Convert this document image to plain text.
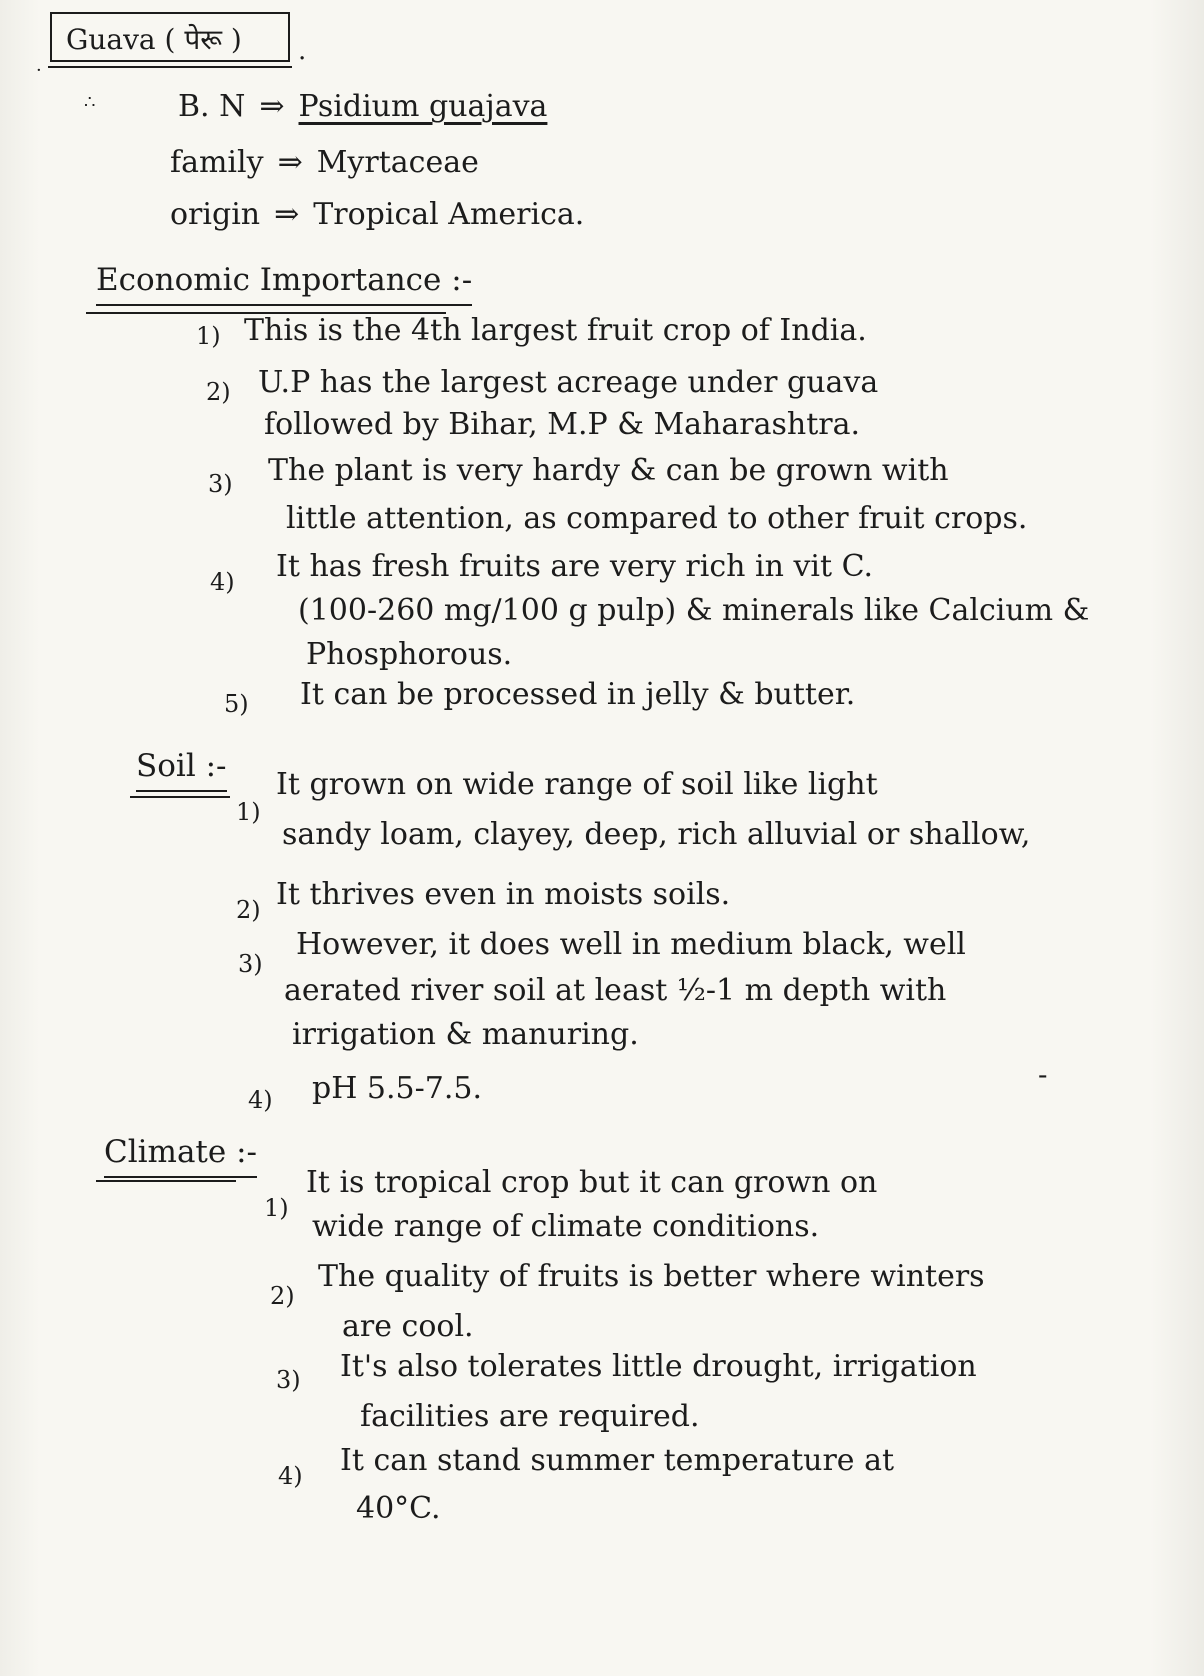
Guava ( पेरू ) .
·
∴	B. N ⇒ Psidium guajava
family ⇒ Myrtaceae
origin ⇒ Tropical America.
Economic Importance :-
1) This is the 4th largest fruit crop of India.
2) U.P has the largest acreage under guava
followed by Bihar, M.P & Maharashtra.
3) The plant is very hardy & can be grown with
little attention, as compared to other fruit crops.
4) It has fresh fruits are very rich in vit C.
(100-260 mg/100 g pulp) & minerals like Calcium &
Phosphorous.
5) It can be processed in jelly & butter.
Soil :-
1)
It grown on wide range of soil like light
sandy loam, clayey, deep, rich alluvial or shallow,
2) It thrives even in moists soils.
3)
However, it does well in medium black, well
aerated river soil at least ½-1 m depth with
irrigation & manuring.
4) pH 5.5-7.5.	-
Climate :-
1)
It is tropical crop but it can grown on
wide range of climate conditions.
2)
The quality of fruits is better where winters
are cool.
3) It's also tolerates little drought, irrigation
facilities are required.
4) It can stand summer temperature at
40°C.
